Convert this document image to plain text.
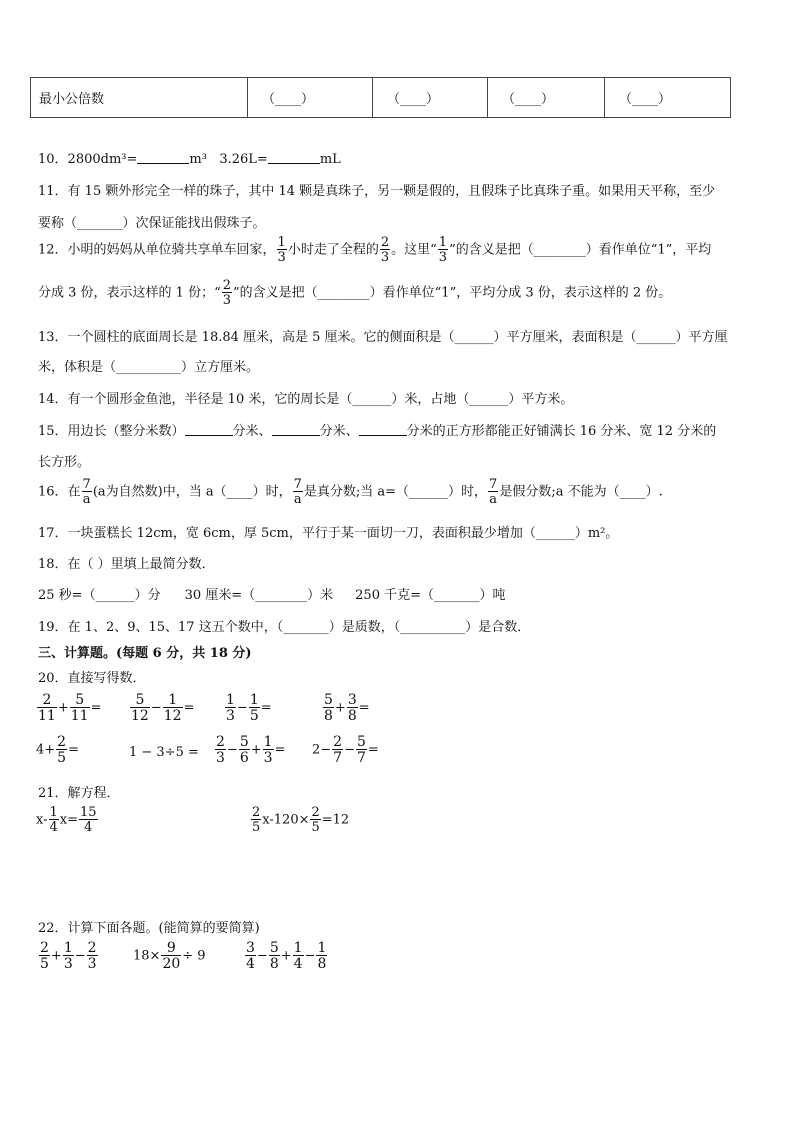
最小公倍数	（____）	（____）	（____）	（____）
10．2800dm³=	m³ 3.26L=	mL
11．有 15 颗外形完全一样的珠子，其中 14 颗是真珠子，另一颗是假的，且假珠子比真珠子重。如果用天平称，至少
要称（_______）次保证能找出假珠子。
12．小明的妈妈从单位骑共享单车回家， $\frac{1}{3}$ 小时走了全程的 $\frac{2}{3}$ 。这里“ $\frac{1}{3}$ ”的含义是把（________）看作单位“1”，平均
分成 3 份，表示这样的 1 份；“ $\frac{2}{3}$ ”的含义是把（________）看作单位“1”，平均分成 3 份，表示这样的 2 份。
13．一个圆柱的底面周长是 18.84 厘米，高是 5 厘米。它的侧面积是（______）平方厘米，表面积是（______）平方厘
米，体积是（__________）立方厘米。
14．有一个圆形金鱼池，半径是 10 米，它的周长是（______）米，占地（______）平方米。
15．用边长（整分米数）	分米、	分米、	分米的正方形都能正好铺满长 16 分米、宽 12 分米的
长方形。
16．在 $\frac{7}{a} (a$为自然数)中，当 a（____）时， $\frac{7}{a}$ 是真分数;当 a=（______）时， $\frac{7}{a}$ 是假分数;a 不能为（____）.
17．一块蛋糕长 12cm，宽 6cm，厚 5cm，平行于某一面切一刀，表面积最少增加（______）m²。
18．在（ ）里填上最简分数．
25 秒=（______）分 30 厘米=（________）米 250 千克=（_______）吨
19．在 1、2、9、15、17 这五个数中，（_______）是质数，（__________）是合数．
三、计算题。(每题 6 分，共 18 分)
20．直接写得数．
$\frac{2}{11} + \frac{5}{11} = \frac{5}{12} - \frac{1}{12} = \frac{1}{3} - \frac{1}{5}$ =	$\frac{5}{8} + \frac{3}{8}$ =
$4+ \frac{2}{5}$ =	$1 - 3\div 5 = \frac{2}{3} - \frac{5}{6} + \frac{1}{3} = 2- \frac{2}{7} - \frac{5}{7}$ =
21．解方程．
$x- \frac{1}{4} x= \frac{15}{4}$	$\frac{2}{5} x-120\times \frac{2}{5} =12$
22．计算下面各题。(能简算的要简算)
$\frac{2}{5} + \frac{1}{3} - \frac{2}{3}$	$18\times \frac{9}{20} \div 9$	$\frac{3}{4} - \frac{5}{8} + \frac{1}{4} - \frac{1}{8}$
